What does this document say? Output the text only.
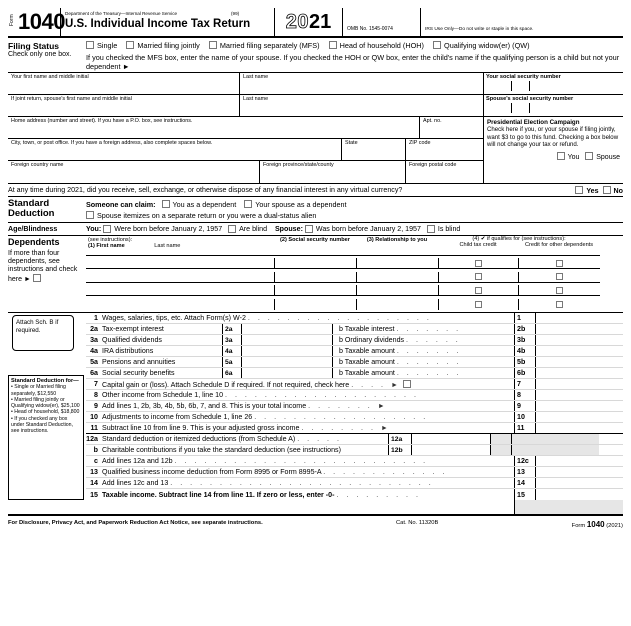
Form 1040 Department of the Treasury—Internal Revenue Service	(99)
U.S. Individual Income Tax Return	20 21	OMB No. 1545-0074	IRS Use Only—Do not write or staple in this space.
Filing Status
Check only one box.
Single	Married filing jointly	Married filing separately (MFS)	Head of household (HOH)	Qualifying widow(er) (QW)
If you checked the MFS box, enter the name of your spouse. If you checked the HOH or QW box, enter the child's name if the qualifying person is a child but not your dependent ►
Your first name and middle initial	Last name	Your social security number
If joint return, spouse's first name and middle initial	Last name	Spouse's social security number
Home address (number and street). If you have a P.O. box, see instructions.	Apt. no.
City, town, or post office. If you have a foreign address, also complete spaces below.	State	ZIP code
Foreign country name	Foreign province/state/county	Foreign postal code
Presidential Election Campaign
Check here if you, or your spouse if filing jointly, want $3 to go to this fund. Checking a box below will not change your tax or refund.
You Spouse
At any time during 2021, did you receive, sell, exchange, or otherwise dispose of any financial interest in any virtual currency?	Yes No
Standard Deduction
Someone can claim: You as a dependent	Your spouse as a dependent
Spouse itemizes on a separate return or you were a dual-status alien
Age/Blindness	You:
Were born before January 2, 1957
Are blind
Spouse:
Was born before January 2, 1957
Is blind
Dependents
If more than four dependents, see instructions and check here ►
(see instructions):
(1) First name	Last name
(2) Social security number	(3) Relationship to you	(4) ✔ if qualifies for (see instructions):
Child tax credit	Credit for other dependents
Attach Sch. B if required.
Standard Deduction for—
• Single or Married filing separately, $12,550
• Married filing jointly or Qualifying widow(er), $25,100
• Head of household, $18,800
• If you checked any box under Standard Deduction, see instructions.
1 Wages, salaries, tips, etc. Attach Form(s) W-2 . . . . . . . . . . . . . . . . . . .	1
2a Tax-exempt interest	2a	b Taxable interest . . . . . . .	2b
3a Qualified dividends	3a	b Ordinary dividends . . . . . .	3b
4a IRA distributions	4a	b Taxable amount . . . . . . .	4b
5a Pensions and annuities	5a	b Taxable amount . . . . . . .	5b
6a Social security benefits	6a	b Taxable amount . . . . . . .	6b
7 Capital gain or (loss). Attach Schedule D if required. If not required, check here . . . . ►	7
8 Other income from Schedule 1, line 10 . . . . . . . . . . . . . . . . . . . .	8
9 Add lines 1, 2b, 3b, 4b, 5b, 6b, 7, and 8. This is your total income . . . . . . . ►	9
10 Adjustments to income from Schedule 1, line 26 . . . . . . . . . . . . . . . . . .	10
11 Subtract line 10 from line 9. This is your adjusted gross income . . . . . . . . ►	11
12a Standard deduction or itemized deductions (from Schedule A) . . . . .	12a
b Charitable contributions if you take the standard deduction (see instructions)	12b
c Add lines 12a and 12b . . . . . . . . . . . . . . . . . . . . . . . . . .	12c
13 Qualified business income deduction from Form 8995 or Form 8995-A . . . . . . . . . . . . .	13
14 Add lines 12c and 13 . . . . . . . . . . . . . . . . . . . . . . . . . . .	14
15 Taxable income. Subtract line 14 from line 11. If zero or less, enter -0- . . . . . . . . .	15
For Disclosure, Privacy Act, and Paperwork Reduction Act Notice, see separate instructions.	Cat. No. 11320B	Form 1040 (2021)
